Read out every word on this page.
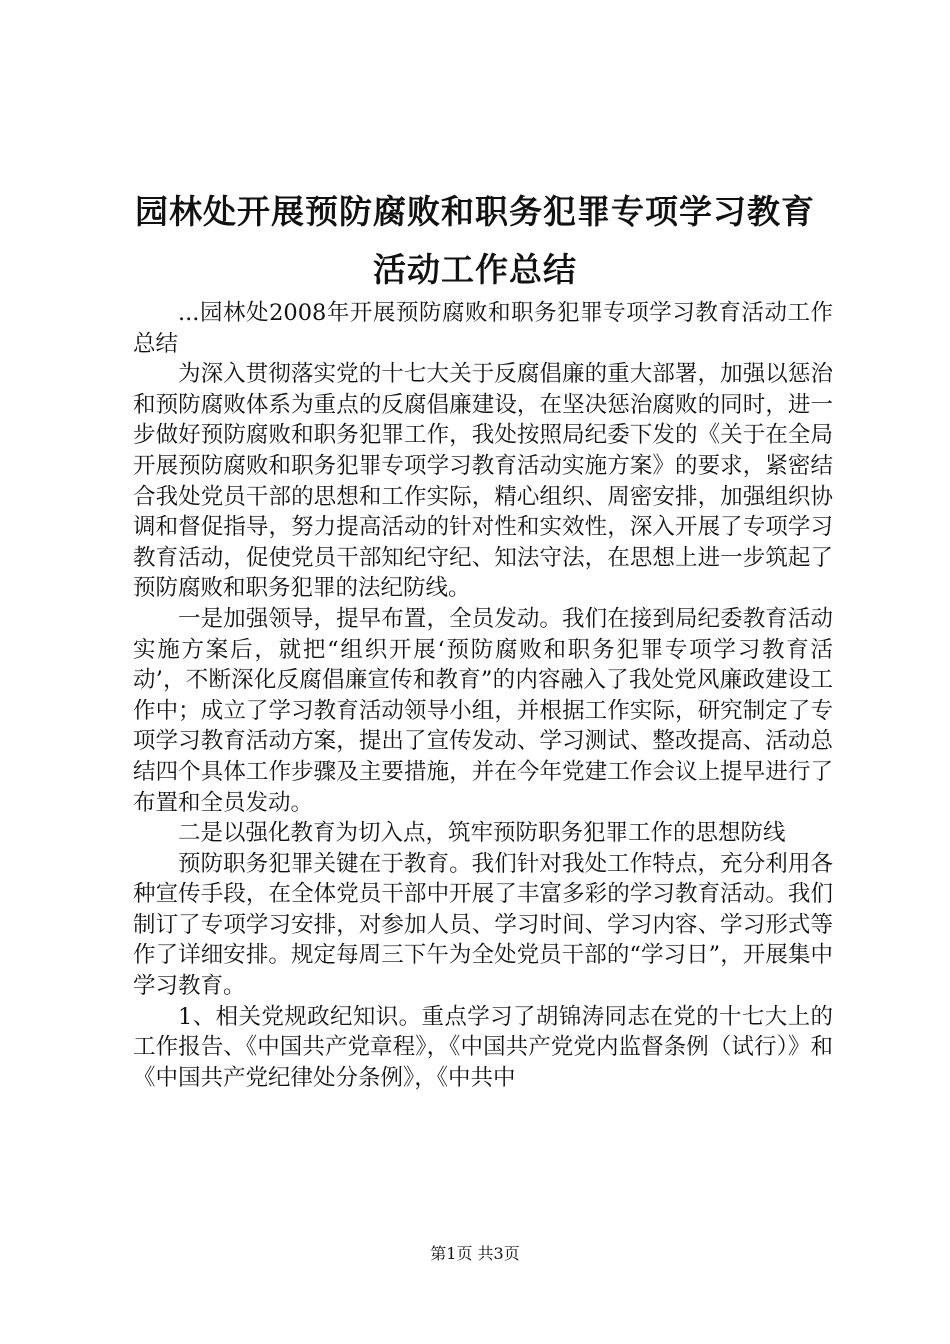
园林处开展预防腐败和职务犯罪专项学习教育
活动工作总结

...园林处2008年开展预防腐败和职务犯罪专项学习教育活动工作总结

为深入贯彻落实党的十七大关于反腐倡廉的重大部署，加强以惩治和预防腐败体系为重点的反腐倡廉建设，在坚决惩治腐败的同时，进一步做好预防腐败和职务犯罪工作，我处按照局纪委下发的《关于在全局开展预防腐败和职务犯罪专项学习教育活动实施方案》的要求，紧密结合我处党员干部的思想和工作实际，精心组织、周密安排，加强组织协调和督促指导，努力提高活动的针对性和实效性，深入开展了专项学习教育活动，促使党员干部知纪守纪、知法守法，在思想上进一步筑起了预防腐败和职务犯罪的法纪防线。

一是加强领导，提早布置，全员发动。我们在接到局纪委教育活动实施方案后，就把“组织开展‘预防腐败和职务犯罪专项学习教育活动’，不断深化反腐倡廉宣传和教育”的内容融入了我处党风廉政建设工作中；成立了学习教育活动领导小组，并根据工作实际，研究制定了专项学习教育活动方案，提出了宣传发动、学习测试、整改提高、活动总结四个具体工作步骤及主要措施，并在今年党建工作会议上提早进行了布置和全员发动。

二是以强化教育为切入点，筑牢预防职务犯罪工作的思想防线

预防职务犯罪关键在于教育。我们针对我处工作特点，充分利用各种宣传手段，在全体党员干部中开展了丰富多彩的学习教育活动。我们制订了专项学习安排，对参加人员、学习时间、学习内容、学习形式等作了详细安排。规定每周三下午为全处党员干部的“学习日”，开展集中学习教育。

1、相关党规政纪知识。重点学习了胡锦涛同志在党的十七大上的工作报告、《中国共产党章程》，《中国共产党党内监督条例（试行）》和《中国共产党纪律处分条例》，《中共中

第1页 共3页
